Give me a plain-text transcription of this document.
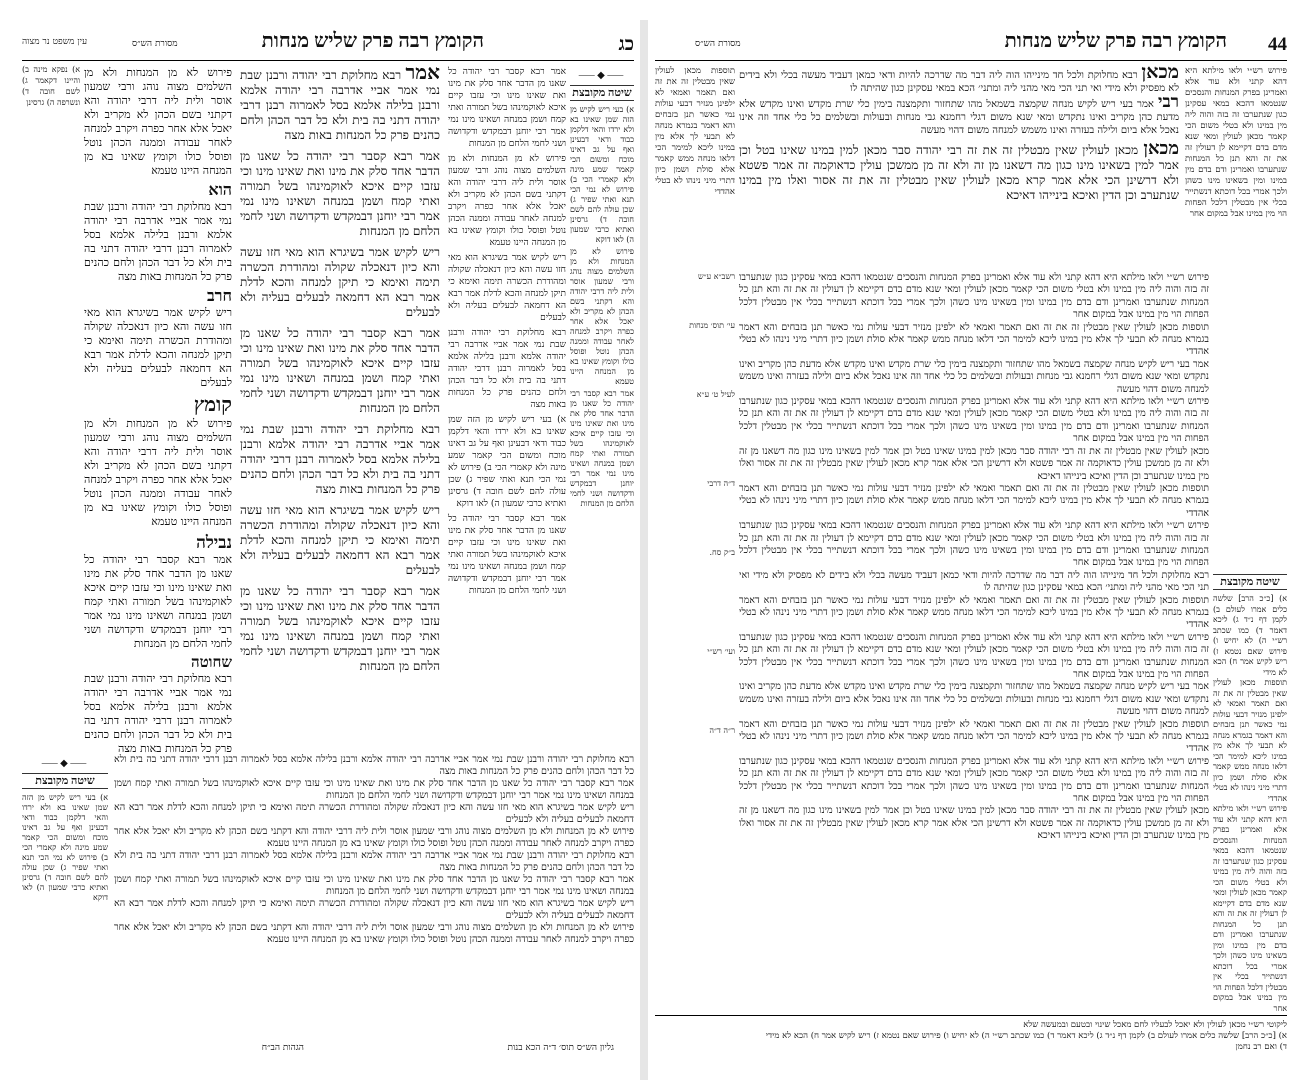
כג
הקומץ רבה פרק שליש מנחות
מסורת הש״ס
עין משפט נר מצוה
א) נפקא מינה ב) והיינו דקאמר ג) לשם חובה ד) ונשרפה ה) גרסינן
פירוש לא מן המנחות ולא מן השלמים מצוה נוהג ורבי שמעון אוסר ולית ליה דרבי יהודה והא דקתני בשם הכהן לא מקריב ולא יאכל אלא אחר כפרה ויקרב למנחה לאחר עבודה וממנה הכהן נוטל ופוסל כולו וקומץ שאינו בא מן המנחה היינו טעמא
הוא
רבא מחלוקת רבי יהודה ורבנן שבת נמי אמר אביי אדרבה רבי יהודה אלמא ורבנן בלילה אלמא בסל לאמרוה רבנן דרבי יהודה דתני בה בית ולא כל דבר הכהן ולחם כהנים פרק כל המנחות באות מצה
חרב
ריש לקיש אמר בשיגרא הוא מאי חזו עשה והא כיון דנאכלה שקולה ומהודרת הכשרה תימה ואימא כי תיקן למנחה והכא לדלת אמר רבא הא דחמאה לבעלים בעליה ולא לבעלים
קומץ
פירוש לא מן המנחות ולא מן השלמים מצוה נוהג ורבי שמעון אוסר ולית ליה דרבי יהודה והא דקתני בשם הכהן לא מקריב ולא יאכל אלא אחר כפרה ויקרב למנחה לאחר עבודה וממנה הכהן נוטל ופוסל כולו וקומץ שאינו בא מן המנחה היינו טעמא
נבילה
אמר רבא קסבר רבי יהודה כל שאנו מן הדבר אחד סלק את מינו ואת שאינו מינו וכי עזבו קיים איכא לאוקמינהו בשל תמורה ואתי קמח ושמן במנחה ושאינו מינו נמי אמר רבי יוחנן דבמקדש ודקדושה ושני לחמי הלחם מן המנחות
שחוטה
רבא מחלוקת רבי יהודה ורבנן שבת נמי אמר אביי אדרבה רבי יהודה אלמא ורבנן בלילה אלמא בסל לאמרוה רבנן דרבי יהודה דתני בה בית ולא כל דבר הכהן ולחם כהנים פרק כל המנחות באות מצה
אמר רבא מחלוקת רבי יהודה ורבנן שבת נמי אמר אביי אדרבה רבי יהודה אלמא ורבנן בלילה אלמא בסל לאמרוה רבנן דרבי יהודה דתני בה בית ולא כל דבר הכהן ולחם כהנים פרק כל המנחות באות מצה
אמר רבא קסבר רבי יהודה כל שאנו מן הדבר אחד סלק את מינו ואת שאינו מינו וכי עזבו קיים איכא לאוקמינהו בשל תמורה ואתי קמח ושמן במנחה ושאינו מינו נמי אמר רבי יוחנן דבמקדש ודקדושה ושני לחמי הלחם מן המנחות
ריש לקיש אמר בשיגרא הוא מאי חזו עשה והא כיון דנאכלה שקולה ומהודרת הכשרה תימה ואימא כי תיקן למנחה והכא לדלת אמר רבא הא דחמאה לבעלים בעליה ולא לבעלים
אמר רבא קסבר רבי יהודה כל שאנו מן הדבר אחד סלק את מינו ואת שאינו מינו וכי עזבו קיים איכא לאוקמינהו בשל תמורה ואתי קמח ושמן במנחה ושאינו מינו נמי אמר רבי יוחנן דבמקדש ודקדושה ושני לחמי הלחם מן המנחות
רבא מחלוקת רבי יהודה ורבנן שבת נמי אמר אביי אדרבה רבי יהודה אלמא ורבנן בלילה אלמא בסל לאמרוה רבנן דרבי יהודה דתני בה בית ולא כל דבר הכהן ולחם כהנים פרק כל המנחות באות מצה
ריש לקיש אמר בשיגרא הוא מאי חזו עשה והא כיון דנאכלה שקולה ומהודרת הכשרה תימה ואימא כי תיקן למנחה והכא לדלת אמר רבא הא דחמאה לבעלים בעליה ולא לבעלים
אמר רבא קסבר רבי יהודה כל שאנו מן הדבר אחד סלק את מינו ואת שאינו מינו וכי עזבו קיים איכא לאוקמינהו בשל תמורה ואתי קמח ושמן במנחה ושאינו מינו נמי אמר רבי יוחנן דבמקדש ודקדושה ושני לחמי הלחם מן המנחות
אמר רבא קסבר רבי יהודה כל שאנו מן הדבר אחד סלק את מינו ואת שאינו מינו וכי עזבו קיים איכא לאוקמינהו בשל תמורה ואתי קמח ושמן במנחה ושאינו מינו נמי אמר רבי יוחנן דבמקדש ודקדושה ושני לחמי הלחם מן המנחות
פירוש לא מן המנחות ולא מן השלמים מצוה נוהג ורבי שמעון אוסר ולית ליה דרבי יהודה והא דקתני בשם הכהן לא מקריב ולא יאכל אלא אחר כפרה ויקרב למנחה לאחר עבודה וממנה הכהן נוטל ופוסל כולו וקומץ שאינו בא מן המנחה היינו טעמא
ריש לקיש אמר בשיגרא הוא מאי חזו עשה והא כיון דנאכלה שקולה ומהודרת הכשרה תימה ואימא כי תיקן למנחה והכא לדלת אמר רבא הא דחמאה לבעלים בעליה ולא לבעלים
רבא מחלוקת רבי יהודה ורבנן שבת נמי אמר אביי אדרבה רבי יהודה אלמא ורבנן בלילה אלמא בסל לאמרוה רבנן דרבי יהודה דתני בה בית ולא כל דבר הכהן ולחם כהנים פרק כל המנחות באות מצה
א) בעי ריש לקיש מן הזה שמן שאינו בא ולא ירדו והאי דלקמן כבוד ודאי דבעינן ואף על גב דאינו מוכח ומשום הכי קאמר שמע מינה ולא קאמרי הכי ב) פירוש לא נמי הכי תנא ואתי שפיר ג) שכן עולה להם לשם חובה ד) גרסינן ואתיא כרבי שמעון ה) לאו דוקא
אמר רבא קסבר רבי יהודה כל שאנו מן הדבר אחד סלק את מינו ואת שאינו מינו וכי עזבו קיים איכא לאוקמינהו בשל תמורה ואתי קמח ושמן במנחה ושאינו מינו נמי אמר רבי יוחנן דבמקדש ודקדושה ושני לחמי הלחם מן המנחות
⸺◆⸺
שיטה מקובצת
א) בעי ריש לקיש מן הזה שמן שאינו בא ולא ירדו והאי דלקמן כבוד ודאי דבעינן ואף על גב דאינו מוכח ומשום הכי קאמר שמע מינה ולא קאמרי הכי ב) פירוש לא נמי הכי תנא ואתי שפיר ג) שכן עולה להם לשם חובה ד) גרסינן ואתיא כרבי שמעון ה) לאו דוקא
פירוש לא מן המנחות ולא מן השלמים מצוה נוהג ורבי שמעון אוסר ולית ליה דרבי יהודה והא דקתני בשם הכהן לא מקריב ולא יאכל אלא אחר כפרה ויקרב למנחה לאחר עבודה וממנה הכהן נוטל ופוסל כולו וקומץ שאינו בא מן המנחה היינו טעמא
אמר רבא קסבר רבי יהודה כל שאנו מן הדבר אחד סלק את מינו ואת שאינו מינו וכי עזבו קיים איכא לאוקמינהו בשל תמורה ואתי קמח ושמן במנחה ושאינו מינו נמי אמר רבי יוחנן דבמקדש ודקדושה ושני לחמי הלחם מן המנחות
⸺◆⸺
שיטה מקובצת
א) בעי ריש לקיש מן הזה שמן שאינו בא ולא ירדו והאי דלקמן כבוד ודאי דבעינן ואף על גב דאינו מוכח ומשום הכי קאמר שמע מינה ולא קאמרי הכי ב) פירוש לא נמי הכי תנא ואתי שפיר ג) שכן עולה להם לשם חובה ד) גרסינן ואתיא כרבי שמעון ה) לאו דוקא
רבא מחלוקת רבי יהודה ורבנן שבת נמי אמר אביי אדרבה רבי יהודה אלמא ורבנן בלילה אלמא בסל לאמרוה רבנן דרבי יהודה דתני בה בית ולא כל דבר הכהן ולחם כהנים פרק כל המנחות באות מצה
אמר רבא קסבר רבי יהודה כל שאנו מן הדבר אחד סלק את מינו ואת שאינו מינו וכי עזבו קיים איכא לאוקמינהו בשל תמורה ואתי קמח ושמן במנחה ושאינו מינו נמי אמר רבי יוחנן דבמקדש ודקדושה ושני לחמי הלחם מן המנחות
ריש לקיש אמר בשיגרא הוא מאי חזו עשה והא כיון דנאכלה שקולה ומהודרת הכשרה תימה ואימא כי תיקן למנחה והכא לדלת אמר רבא הא דחמאה לבעלים בעליה ולא לבעלים
פירוש לא מן המנחות ולא מן השלמים מצוה נוהג ורבי שמעון אוסר ולית ליה דרבי יהודה והא דקתני בשם הכהן לא מקריב ולא יאכל אלא אחר כפרה ויקרב למנחה לאחר עבודה וממנה הכהן נוטל ופוסל כולו וקומץ שאינו בא מן המנחה היינו טעמא
רבא מחלוקת רבי יהודה ורבנן שבת נמי אמר אביי אדרבה רבי יהודה אלמא ורבנן בלילה אלמא בסל לאמרוה רבנן דרבי יהודה דתני בה בית ולא כל דבר הכהן ולחם כהנים פרק כל המנחות באות מצה
אמר רבא קסבר רבי יהודה כל שאנו מן הדבר אחד סלק את מינו ואת שאינו מינו וכי עזבו קיים איכא לאוקמינהו בשל תמורה ואתי קמח ושמן במנחה ושאינו מינו נמי אמר רבי יוחנן דבמקדש ודקדושה ושני לחמי הלחם מן המנחות
ריש לקיש אמר בשיגרא הוא מאי חזו עשה והא כיון דנאכלה שקולה ומהודרת הכשרה תימה ואימא כי תיקן למנחה והכא לדלת אמר רבא הא דחמאה לבעלים בעליה ולא לבעלים
פירוש לא מן המנחות ולא מן השלמים מצוה נוהג ורבי שמעון אוסר ולית ליה דרבי יהודה והא דקתני בשם הכהן לא מקריב ולא יאכל אלא אחר כפרה ויקרב למנחה לאחר עבודה וממנה הכהן נוטל ופוסל כולו וקומץ שאינו בא מן המנחה היינו טעמא
גליון הש״ס תוס׳ ד״ה הכא בנות
הגהות הב״ח
44
הקומץ רבה פרק שליש מנחות
מסורת הש״ס
מכאן רבא מחלוקת ולכל חד מינייהו הוה ליה דבר מה שדרכה להיות ודאי כמאן דעביד מעשה בכלי ולא בידים לא מפסיק ולא מידי ואי תני הכי מאי מהני ליה ומתני׳ הכא במאי עסקינן כגון שהיתה לו
רבי אמר בעי ריש לקיש מנחה שקמצה בשמאל מהו שתחזור ותקמצנה בימין כלי שרת מקדש ואינו מקדש אלא מדעת כהן מקריב ואינו נתקדש ומאי שנא משום דגלי רחמנא גבי מנחות ובעולות ובשלמים כל כלי אחד וזה אינו נאכל אלא ביום ולילה בעזרה ואינו משמש למנחה משום דהוי מעשה
מכאן מכאן לעולין שאין מבטלין זה את זה רבי יהודה סבר מכאן למין במינו שאינו בטל וכן אמר למין בשאינו מינו כגון מה דשאנו מן זה ולא זה מן ממשכן עולין כדאוקמה זה אמר פשטא ולא דרשינן הכי אלא אמר קרא מכאן לעולין שאין מבטלין זה את זה אסור ואלו מין במינו שנתערב וכן הדין ואיכא בינייהו דאיכא
תוספות מכאן לעולין שאין מבטלין זה את זה ואם תאמר ואמאי לא ילפינן מנזיר דבעי עולות נמי כאשר תנן בזבחים והא דאמר בגמרא מנחה לא תבעי לך אלא מין במינו ליכא למימר הכי דלאו מנחה ממש קאמר אלא סולת ושמן כיון דתרי מיני נינהו לא בטלי אהדדי
פירוש רש״י ולאו מילתא היא דהא קתני ולא עוד אלא ואמרינן בפרק המנחות והנסכים שנטמאו דהכא במאי עסקינן כגון שנתערבו זה בזה והוה ליה מין במינו ולא בטלי משום הכי קאמר מכאן לעולין ומאי שנא מדם בדם דקיימא לן דעולין זה את זה והא תנן כל המנחות שנתערבו ואמרינן ודם בדם מין במינו ומין בשאינו מינו כשהן ולכך אמרי בכל דוכתא דנשתייר בכלי אין מבטלין דלכל הפחות הוי מין במינו אבל במקום אחר
פירוש רש״י ולאו מילתא היא דהא קתני ולא עוד אלא ואמרינן בפרק המנחות והנסכים שנטמאו דהכא במאי עסקינן כגון שנתערבו זה בזה והוה ליה מין במינו ולא בטלי משום הכי קאמר מכאן לעולין ומאי שנא מדם בדם דקיימא לן דעולין זה את זה והא תנן כל המנחות שנתערבו ואמרינן ודם בדם מין במינו ומין בשאינו מינו כשהן ולכך אמרי בכל דוכתא דנשתייר בכלי אין מבטלין דלכל הפחות הוי מין במינו אבל במקום אחר
תוספות מכאן לעולין שאין מבטלין זה את זה ואם תאמר ואמאי לא ילפינן מנזיר דבעי עולות נמי כאשר תנן בזבחים והא דאמר בגמרא מנחה לא תבעי לך אלא מין במינו ליכא למימר הכי דלאו מנחה ממש קאמר אלא סולת ושמן כיון דתרי מיני נינהו לא בטלי אהדדי
אמר בעי ריש לקיש מנחה שקמצה בשמאל מהו שתחזור ותקמצנה בימין כלי שרת מקדש ואינו מקדש אלא מדעת כהן מקריב ואינו נתקדש ומאי שנא משום דגלי רחמנא גבי מנחות ובעולות ובשלמים כל כלי אחד וזה אינו נאכל אלא ביום ולילה בעזרה ואינו משמש למנחה משום דהוי מעשה
פירוש רש״י ולאו מילתא היא דהא קתני ולא עוד אלא ואמרינן בפרק המנחות והנסכים שנטמאו דהכא במאי עסקינן כגון שנתערבו זה בזה והוה ליה מין במינו ולא בטלי משום הכי קאמר מכאן לעולין ומאי שנא מדם בדם דקיימא לן דעולין זה את זה והא תנן כל המנחות שנתערבו ואמרינן ודם בדם מין במינו ומין בשאינו מינו כשהן ולכך אמרי בכל דוכתא דנשתייר בכלי אין מבטלין דלכל הפחות הוי מין במינו אבל במקום אחר
מכאן לעולין שאין מבטלין זה את זה רבי יהודה סבר מכאן למין במינו שאינו בטל וכן אמר למין בשאינו מינו כגון מה דשאנו מן זה ולא זה מן ממשכן עולין כדאוקמה זה אמר פשטא ולא דרשינן הכי אלא אמר קרא מכאן לעולין שאין מבטלין זה את זה אסור ואלו מין במינו שנתערב וכן הדין ואיכא בינייהו דאיכא
תוספות מכאן לעולין שאין מבטלין זה את זה ואם תאמר ואמאי לא ילפינן מנזיר דבעי עולות נמי כאשר תנן בזבחים והא דאמר בגמרא מנחה לא תבעי לך אלא מין במינו ליכא למימר הכי דלאו מנחה ממש קאמר אלא סולת ושמן כיון דתרי מיני נינהו לא בטלי אהדדי
פירוש רש״י ולאו מילתא היא דהא קתני ולא עוד אלא ואמרינן בפרק המנחות והנסכים שנטמאו דהכא במאי עסקינן כגון שנתערבו זה בזה והוה ליה מין במינו ולא בטלי משום הכי קאמר מכאן לעולין ומאי שנא מדם בדם דקיימא לן דעולין זה את זה והא תנן כל המנחות שנתערבו ואמרינן ודם בדם מין במינו ומין בשאינו מינו כשהן ולכך אמרי בכל דוכתא דנשתייר בכלי אין מבטלין דלכל הפחות הוי מין במינו אבל במקום אחר
רבא מחלוקת ולכל חד מינייהו הוה ליה דבר מה שדרכה להיות ודאי כמאן דעביד מעשה בכלי ולא בידים לא מפסיק ולא מידי ואי תני הכי מאי מהני ליה ומתני׳ הכא במאי עסקינן כגון שהיתה לו
תוספות מכאן לעולין שאין מבטלין זה את זה ואם תאמר ואמאי לא ילפינן מנזיר דבעי עולות נמי כאשר תנן בזבחים והא דאמר בגמרא מנחה לא תבעי לך אלא מין במינו ליכא למימר הכי דלאו מנחה ממש קאמר אלא סולת ושמן כיון דתרי מיני נינהו לא בטלי אהדדי
פירוש רש״י ולאו מילתא היא דהא קתני ולא עוד אלא ואמרינן בפרק המנחות והנסכים שנטמאו דהכא במאי עסקינן כגון שנתערבו זה בזה והוה ליה מין במינו ולא בטלי משום הכי קאמר מכאן לעולין ומאי שנא מדם בדם דקיימא לן דעולין זה את זה והא תנן כל המנחות שנתערבו ואמרינן ודם בדם מין במינו ומין בשאינו מינו כשהן ולכך אמרי בכל דוכתא דנשתייר בכלי אין מבטלין דלכל הפחות הוי מין במינו אבל במקום אחר
אמר בעי ריש לקיש מנחה שקמצה בשמאל מהו שתחזור ותקמצנה בימין כלי שרת מקדש ואינו מקדש אלא מדעת כהן מקריב ואינו נתקדש ומאי שנא משום דגלי רחמנא גבי מנחות ובעולות ובשלמים כל כלי אחד וזה אינו נאכל אלא ביום ולילה בעזרה ואינו משמש למנחה משום דהוי מעשה
תוספות מכאן לעולין שאין מבטלין זה את זה ואם תאמר ואמאי לא ילפינן מנזיר דבעי עולות נמי כאשר תנן בזבחים והא דאמר בגמרא מנחה לא תבעי לך אלא מין במינו ליכא למימר הכי דלאו מנחה ממש קאמר אלא סולת ושמן כיון דתרי מיני נינהו לא בטלי אהדדי
פירוש רש״י ולאו מילתא היא דהא קתני ולא עוד אלא ואמרינן בפרק המנחות והנסכים שנטמאו דהכא במאי עסקינן כגון שנתערבו זה בזה והוה ליה מין במינו ולא בטלי משום הכי קאמר מכאן לעולין ומאי שנא מדם בדם דקיימא לן דעולין זה את זה והא תנן כל המנחות שנתערבו ואמרינן ודם בדם מין במינו ומין בשאינו מינו כשהן ולכך אמרי בכל דוכתא דנשתייר בכלי אין מבטלין דלכל הפחות הוי מין במינו אבל במקום אחר
מכאן לעולין שאין מבטלין זה את זה רבי יהודה סבר מכאן למין במינו שאינו בטל וכן אמר למין בשאינו מינו כגון מה דשאנו מן זה ולא זה מן ממשכן עולין כדאוקמה זה אמר פשטא ולא דרשינן הכי אלא אמר קרא מכאן לעולין שאין מבטלין זה את זה אסור ואלו מין במינו שנתערב וכן הדין ואיכא בינייהו דאיכא
רשב״א ע״ש
עי׳ תוס׳ מנחות
לעיל ט׳ ע״א
ד״ה דרבי
ב״ק סח.
ועי׳ רש״י
ר״ה ד״ה
שיטה מקובצת
א) [כ״כ הרב] שלשה כלים אמרו לעולם ב) לקמן דף נ״ד ג) ליכא דאמר ד) כמו שכתב רש״י ה) לא יחיש ו) פירוש שאם נטמא ז) ריש לקיש אמר ח) הכא לא מידי
תוספות מכאן לעולין שאין מבטלין זה את זה ואם תאמר ואמאי לא ילפינן מנזיר דבעי עולות נמי כאשר תנן בזבחים והא דאמר בגמרא מנחה לא תבעי לך אלא מין במינו ליכא למימר הכי דלאו מנחה ממש קאמר אלא סולת ושמן כיון דתרי מיני נינהו לא בטלי אהדדי
פירוש רש״י ולאו מילתא היא דהא קתני ולא עוד אלא ואמרינן בפרק המנחות והנסכים שנטמאו דהכא במאי עסקינן כגון שנתערבו זה בזה והוה ליה מין במינו ולא בטלי משום הכי קאמר מכאן לעולין ומאי שנא מדם בדם דקיימא לן דעולין זה את זה והא תנן כל המנחות שנתערבו ואמרינן ודם בדם מין במינו ומין בשאינו מינו כשהן ולכך אמרי בכל דוכתא דנשתייר בכלי אין מבטלין דלכל הפחות הוי מין במינו אבל במקום אחר
ליקוטי רש״י מכאן לעולין ולא יאכל לבעליו לחם מאכל שינוי ובטעם ובמעשה שלא
א) [כ״כ הרב] שלשה כלים אמרו לעולם ב) לקמן דף נ״ד ג) ליכא דאמר ד) כמו שכתב רש״י ה) לא יחיש ו) פירוש שאם נטמא ז) ריש לקיש אמר ח) הכא לא מידי
ד) ואם רב נחמן
